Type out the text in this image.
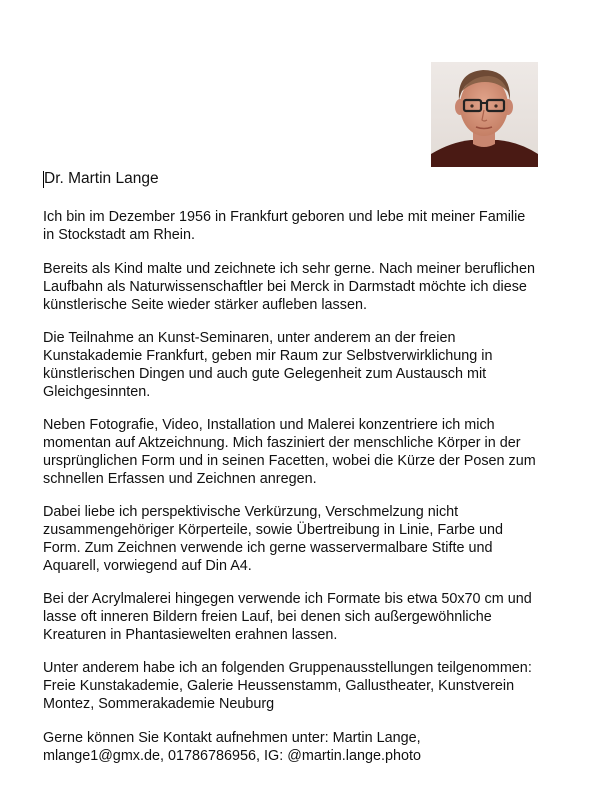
Dr. Martin Lange
Ich bin im Dezember 1956 in Frankfurt geboren und lebe mit meiner Familie
in Stockstadt am Rhein.
Bereits als Kind malte und zeichnete ich sehr gerne. Nach meiner beruflichen
Laufbahn als Naturwissenschaftler bei Merck in Darmstadt möchte ich diese
künstlerische Seite wieder stärker aufleben lassen.
Die Teilnahme an Kunst-Seminaren, unter anderem an der freien
Kunstakademie Frankfurt, geben mir Raum zur Selbstverwirklichung in
künstlerischen Dingen und auch gute Gelegenheit zum Austausch mit
Gleichgesinnten.
Neben Fotografie, Video, Installation und Malerei konzentriere ich mich
momentan auf Aktzeichnung. Mich fasziniert der menschliche Körper in der
ursprünglichen Form und in seinen Facetten, wobei die Kürze der Posen zum
schnellen Erfassen und Zeichnen anregen.
Dabei liebe ich perspektivische Verkürzung, Verschmelzung nicht
zusammengehöriger Körperteile, sowie Übertreibung in Linie, Farbe und
Form. Zum Zeichnen verwende ich gerne wasservermalbare Stifte und
Aquarell, vorwiegend auf Din A4.
Bei der Acrylmalerei hingegen verwende ich Formate bis etwa 50x70 cm und
lasse oft inneren Bildern freien Lauf, bei denen sich außergewöhnliche
Kreaturen in Phantasiewelten erahnen lassen.
Unter anderem habe ich an folgenden Gruppenausstellungen teilgenommen:
Freie Kunstakademie, Galerie Heussenstamm, Gallustheater, Kunstverein
Montez, Sommerakademie Neuburg
Gerne können Sie Kontakt aufnehmen unter: Martin Lange,
mlange1@gmx.de, 01786786956, IG: @martin.lange.photo
